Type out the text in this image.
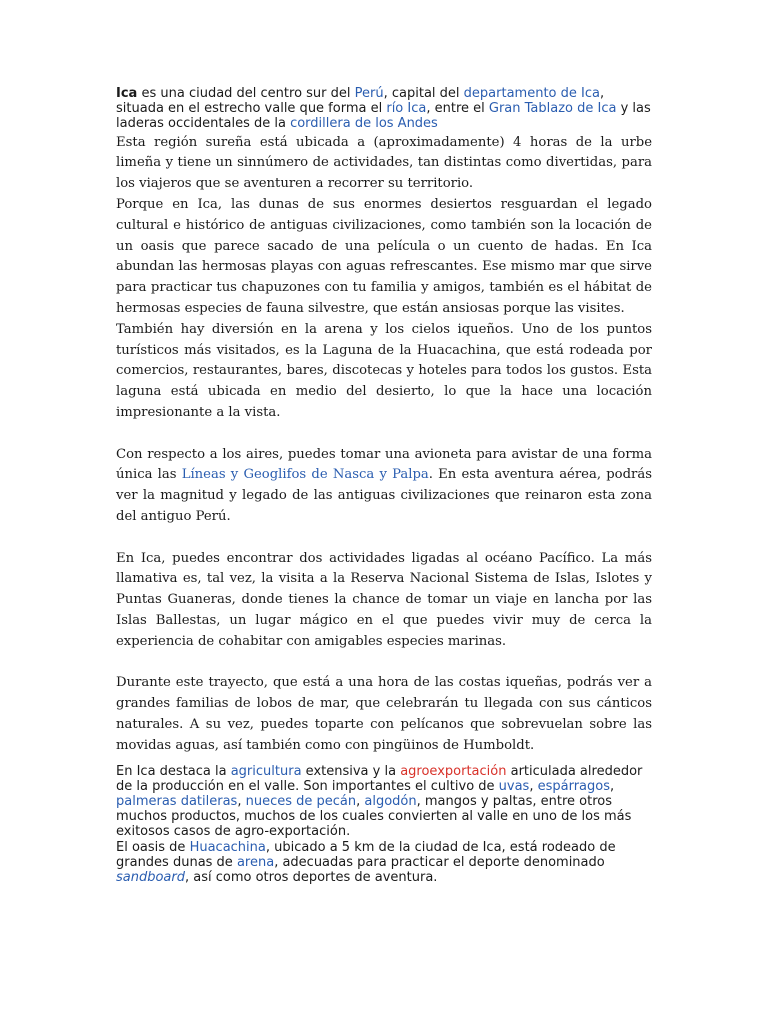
Ica es una ciudad del centro sur del Perú, capital del departamento de Ica, situada en el estrecho valle que forma el río Ica, entre el Gran Tablazo de Ica y las laderas occidentales de la cordillera de los Andes

Esta región sureña está ubicada a (aproximadamente) 4 horas de la urbe limeña y tiene un sinnúmero de actividades, tan distintas como divertidas, para los viajeros que se aventuren a recorrer su territorio.

Porque en Ica, las dunas de sus enormes desiertos resguardan el legado cultural e histórico de antiguas civilizaciones, como también son la locación de un oasis que parece sacado de una película o un cuento de hadas. En Ica abundan las hermosas playas con aguas refrescantes. Ese mismo mar que sirve para practicar tus chapuzones con tu familia y amigos, también es el hábitat de hermosas especies de fauna silvestre, que están ansiosas porque las visites.

También hay diversión en la arena y los cielos iqueños. Uno de los puntos turísticos más visitados, es la Laguna de la Huacachina, que está rodeada por comercios, restaurantes, bares, discotecas y hoteles para todos los gustos. Esta laguna está ubicada en medio del desierto, lo que la hace una locación impresionante a la vista.

Con respecto a los aires, puedes tomar una avioneta para avistar de una forma única las Líneas y Geoglifos de Nasca y Palpa. En esta aventura aérea, podrás ver la magnitud y legado de las antiguas civilizaciones que reinaron esta zona del antiguo Perú.

En Ica, puedes encontrar dos actividades ligadas al océano Pacífico. La más llamativa es, tal vez, la visita a la Reserva Nacional Sistema de Islas, Islotes y Puntas Guaneras, donde tienes la chance de tomar un viaje en lancha por las Islas Ballestas, un lugar mágico en el que puedes vivir muy de cerca la experiencia de cohabitar con amigables especies marinas.

Durante este trayecto, que está a una hora de las costas iqueñas, podrás ver a grandes familias de lobos de mar, que celebrarán tu llegada con sus cánticos naturales. A su vez, puedes toparte con pelícanos que sobrevuelan sobre las movidas aguas, así también como con pingüinos de Humboldt.

En Ica destaca la agricultura extensiva y la agroexportación articulada alrededor de la producción en el valle. Son importantes el cultivo de uvas, espárragos, palmeras datileras, nueces de pecán, algodón, mangos y paltas, entre otros muchos productos, muchos de los cuales convierten al valle en uno de los más exitosos casos de agro-exportación.

El oasis de Huacachina, ubicado a 5 km de la ciudad de Ica, está rodeado de grandes dunas de arena, adecuadas para practicar el deporte denominado sandboard, así como otros deportes de aventura.
